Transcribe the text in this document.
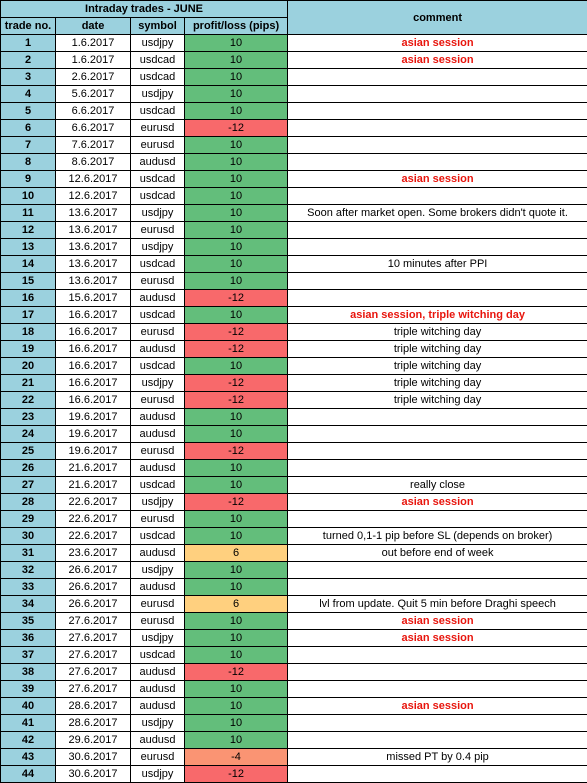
Intraday trades - JUNE				comment
trade no.	date	symbol	profit/loss (pips)	
1	1.6.2017	usdjpy	10	asian session
2	1.6.2017	usdcad	10	asian session
3	2.6.2017	usdcad	10	
4	5.6.2017	usdjpy	10	
5	6.6.2017	usdcad	10	
6	6.6.2017	eurusd	-12	
7	7.6.2017	eurusd	10	
8	8.6.2017	audusd	10	
9	12.6.2017	usdcad	10	asian session
10	12.6.2017	usdcad	10	
11	13.6.2017	usdjpy	10	Soon after market open. Some brokers didn't quote it.
12	13.6.2017	eurusd	10	
13	13.6.2017	usdjpy	10	
14	13.6.2017	usdcad	10	10 minutes after PPI
15	13.6.2017	eurusd	10	
16	15.6.2017	audusd	-12	
17	16.6.2017	usdcad	10	asian session, triple witching day
18	16.6.2017	eurusd	-12	triple witching day
19	16.6.2017	audusd	-12	triple witching day
20	16.6.2017	usdcad	10	triple witching day
21	16.6.2017	usdjpy	-12	triple witching day
22	16.6.2017	eurusd	-12	triple witching day
23	19.6.2017	audusd	10	
24	19.6.2017	audusd	10	
25	19.6.2017	eurusd	-12	
26	21.6.2017	audusd	10	
27	21.6.2017	usdcad	10	really close
28	22.6.2017	usdjpy	-12	asian session
29	22.6.2017	eurusd	10	
30	22.6.2017	usdcad	10	turned 0,1-1 pip before SL (depends on broker)
31	23.6.2017	audusd	6	out before end of week
32	26.6.2017	usdjpy	10	
33	26.6.2017	audusd	10	
34	26.6.2017	eurusd	6	lvl from update. Quit 5 min before Draghi speech
35	27.6.2017	eurusd	10	asian session
36	27.6.2017	usdjpy	10	asian session
37	27.6.2017	usdcad	10	
38	27.6.2017	audusd	-12	
39	27.6.2017	audusd	10	
40	28.6.2017	audusd	10	asian session
41	28.6.2017	usdjpy	10	
42	29.6.2017	audusd	10	
43	30.6.2017	eurusd	-4	missed PT by 0.4 pip
44	30.6.2017	usdjpy	-12	
